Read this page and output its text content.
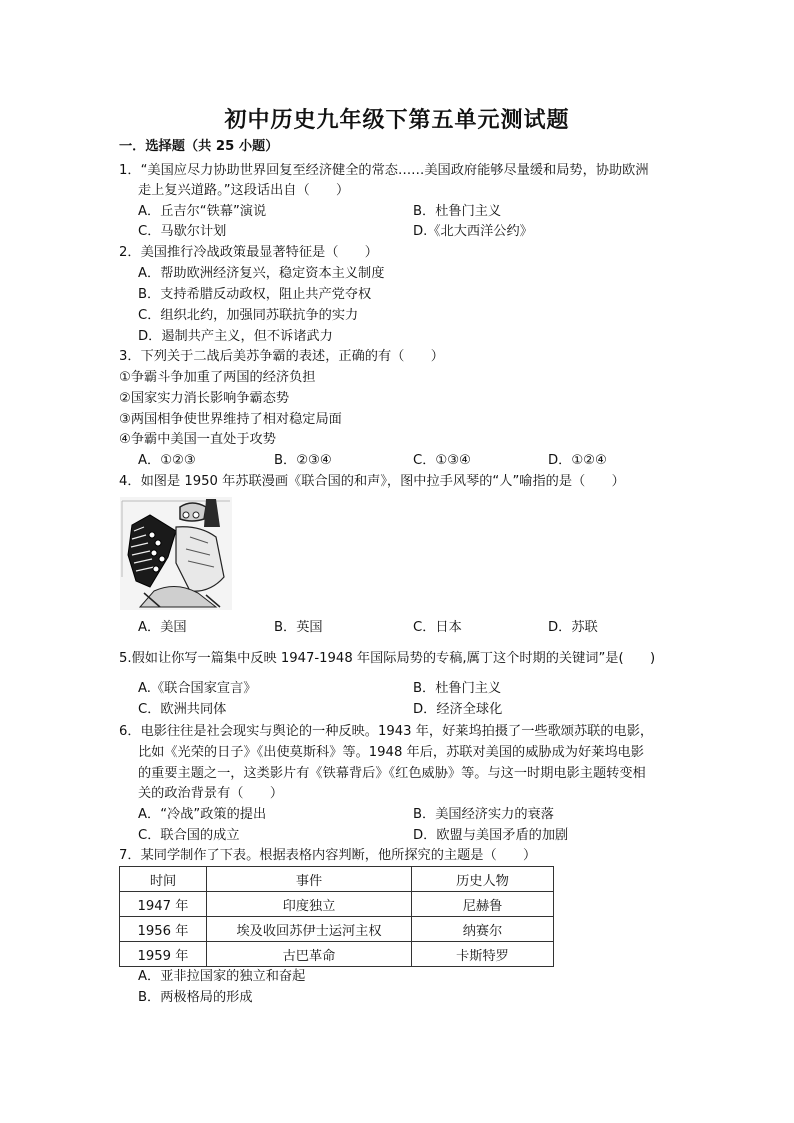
初中历史九年级下第五单元测试题
一．选择题（共 25 小题）
1．“美国应尽力协助世界回复至经济健全的常态……美国政府能够尽量缓和局势，协助欧洲
走上复兴道路。”这段话出自（　　）
A．丘吉尔“铁幕”演说	B．杜鲁门主义
C．马歇尔计划	D.《北大西洋公约》
2．美国推行冷战政策最显著特征是（　　）
A．帮助欧洲经济复兴，稳定资本主义制度
B．支持希腊反动政权，阻止共产党夺权
C．组织北约，加强同苏联抗争的实力
D．遏制共产主义，但不诉诸武力
3．下列关于二战后美苏争霸的表述，正确的有（　　）
①争霸斗争加重了两国的经济负担
②国家实力消长影响争霸态势
③两国相争使世界维持了相对稳定局面
④争霸中美国一直处于攻势
A．①②③	B．②③④	C．①③④	D．①②④
4．如图是 1950 年苏联漫画《联合国的和声》，图中拉手风琴的“人”喻指的是（　　）
A．美国	B．英国	C．日本	D．苏联
5.假如让你写一篇集中反映 1947-1948 年国际局势的专稿,厲丁这个时期的关键词”是(　　)
A.《联合国家宣言》	B．杜鲁门主义
C．欧洲共同体	D．经济全球化
6．电影往往是社会现实与舆论的一种反映。1943 年，好莱坞拍摄了一些歌颂苏联的电影，
比如《光荣的日子》《出使莫斯科》等。1948 年后，苏联对美国的威胁成为好莱坞电影
的重要主题之一，这类影片有《铁幕背后》《红色威胁》等。与这一时期电影主题转变相
关的政治背景有（　　）
A．“冷战”政策的提出	B．美国经济实力的衰落
C．联合国的成立	D．欧盟与美国矛盾的加剧
7．某同学制作了下表。根据表格内容判断，他所探究的主题是（　　）
时间	事件	历史人物
1947 年	印度独立	尼赫鲁
1956 年	埃及收回苏伊士运河主权	纳赛尔
1959 年	古巴革命	卡斯特罗
A．亚非拉国家的独立和奋起
B．两极格局的形成
